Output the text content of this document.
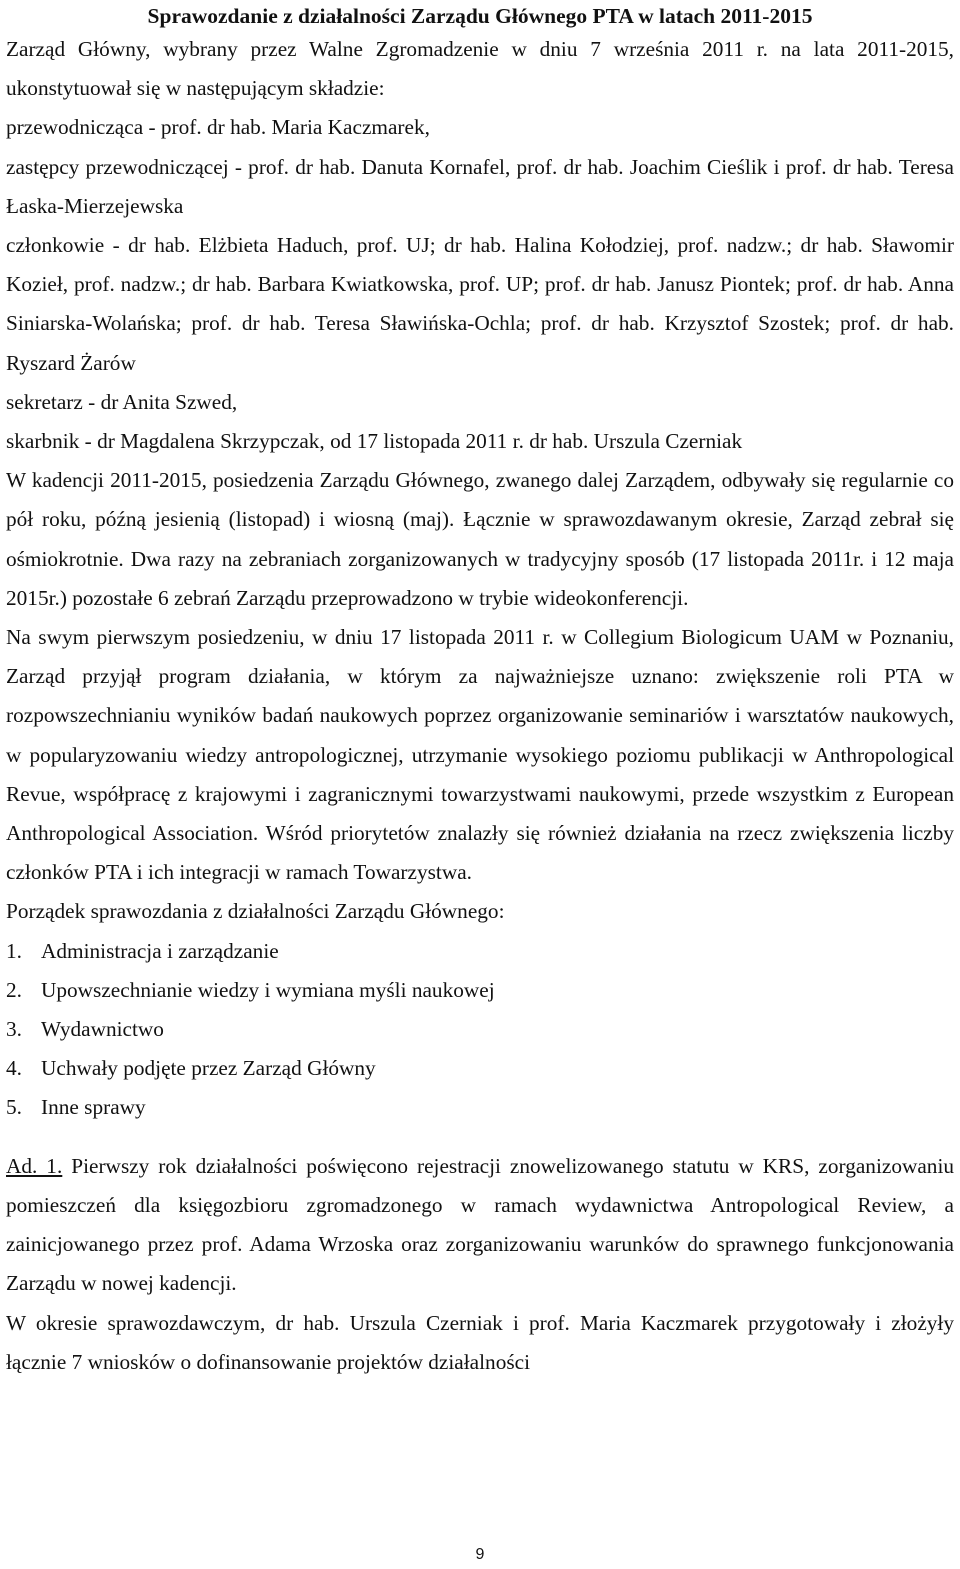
Sprawozdanie z działalności Zarządu Głównego PTA w latach 2011-2015

Zarząd Główny, wybrany przez Walne Zgromadzenie w dniu 7 września 2011 r. na lata 2011-2015, ukonstytuował się w następującym składzie:

przewodnicząca - prof. dr hab. Maria Kaczmarek,

zastępcy przewodniczącej - prof. dr hab. Danuta Kornafel, prof. dr hab. Joachim Cieślik i prof. dr hab. Teresa Łaska-Mierzejewska

członkowie - dr hab. Elżbieta Haduch, prof. UJ; dr hab. Halina Kołodziej, prof. nadzw.; dr hab. Sławomir Kozieł, prof. nadzw.; dr hab. Barbara Kwiatkowska, prof. UP; prof. dr hab. Janusz Piontek; prof. dr hab. Anna Siniarska-Wolańska; prof. dr hab. Teresa Sławińska-Ochla; prof. dr hab. Krzysztof Szostek; prof. dr hab. Ryszard Żarów

sekretarz - dr Anita Szwed,

skarbnik - dr Magdalena Skrzypczak, od 17 listopada 2011 r. dr hab. Urszula Czerniak

W kadencji 2011-2015, posiedzenia Zarządu Głównego, zwanego dalej Zarządem, odbywały się regularnie co pół roku, późną jesienią (listopad) i wiosną (maj). Łącznie w sprawozdawanym okresie, Zarząd zebrał się ośmiokrotnie. Dwa razy na zebraniach zorganizowanych w tradycyjny sposób (17 listopada 2011r. i 12 maja 2015r.) pozostałe 6 zebrań Zarządu przeprowadzono w trybie wideokonferencji.

Na swym pierwszym posiedzeniu, w dniu 17 listopada 2011 r. w Collegium Biologicum UAM w Poznaniu, Zarząd przyjął program działania, w którym za najważniejsze uznano: zwiększenie roli PTA w rozpowszechnianiu wyników badań naukowych poprzez organizowanie seminariów i warsztatów naukowych, w popularyzowaniu wiedzy antropologicznej, utrzymanie wysokiego poziomu publikacji w Anthropological Revue, współpracę z krajowymi i zagranicznymi towarzystwami naukowymi, przede wszystkim z European Anthropological Association. Wśród priorytetów znalazły się również działania na rzecz zwiększenia liczby członków PTA i ich integracji w ramach Towarzystwa.

Porządek sprawozdania z działalności Zarządu Głównego:

1. Administracja i zarządzanie
2. Upowszechnianie wiedzy i wymiana myśli naukowej
3. Wydawnictwo
4. Uchwały podjęte przez Zarząd Główny
5. Inne sprawy

Ad. 1. Pierwszy rok działalności poświęcono rejestracji znowelizowanego statutu w KRS, zorganizowaniu pomieszczeń dla księgozbioru zgromadzonego w ramach wydawnictwa Antropological Review, a zainicjowanego przez prof. Adama Wrzoska oraz zorganizowaniu warunków do sprawnego funkcjonowania Zarządu w nowej kadencji.

W okresie sprawozdawczym, dr hab. Urszula Czerniak i prof. Maria Kaczmarek przygotowały i złożyły łącznie 7 wniosków o dofinansowanie projektów działalności

9
